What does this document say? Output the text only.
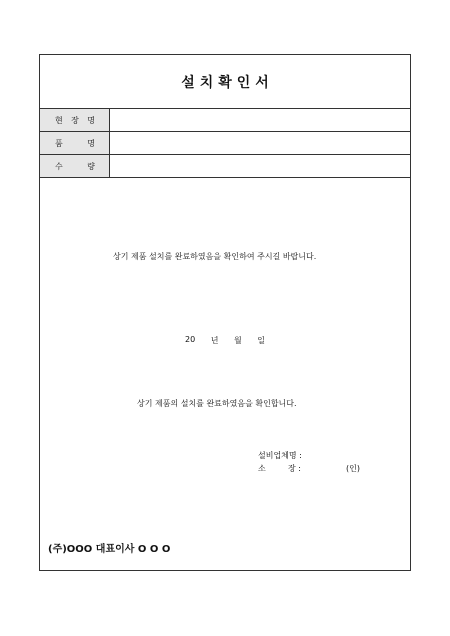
설치확인서
현 장 명
품	명
수	량
상기 제품 설치를 완료하였음을 확인하여 주시길 바랍니다.
20 년 월 일
상기 제품의 설치를 완료하였음을 확인합니다.
설비업체명 :
소	장 :	(인)
(주)OOO 대표이사 O O O
